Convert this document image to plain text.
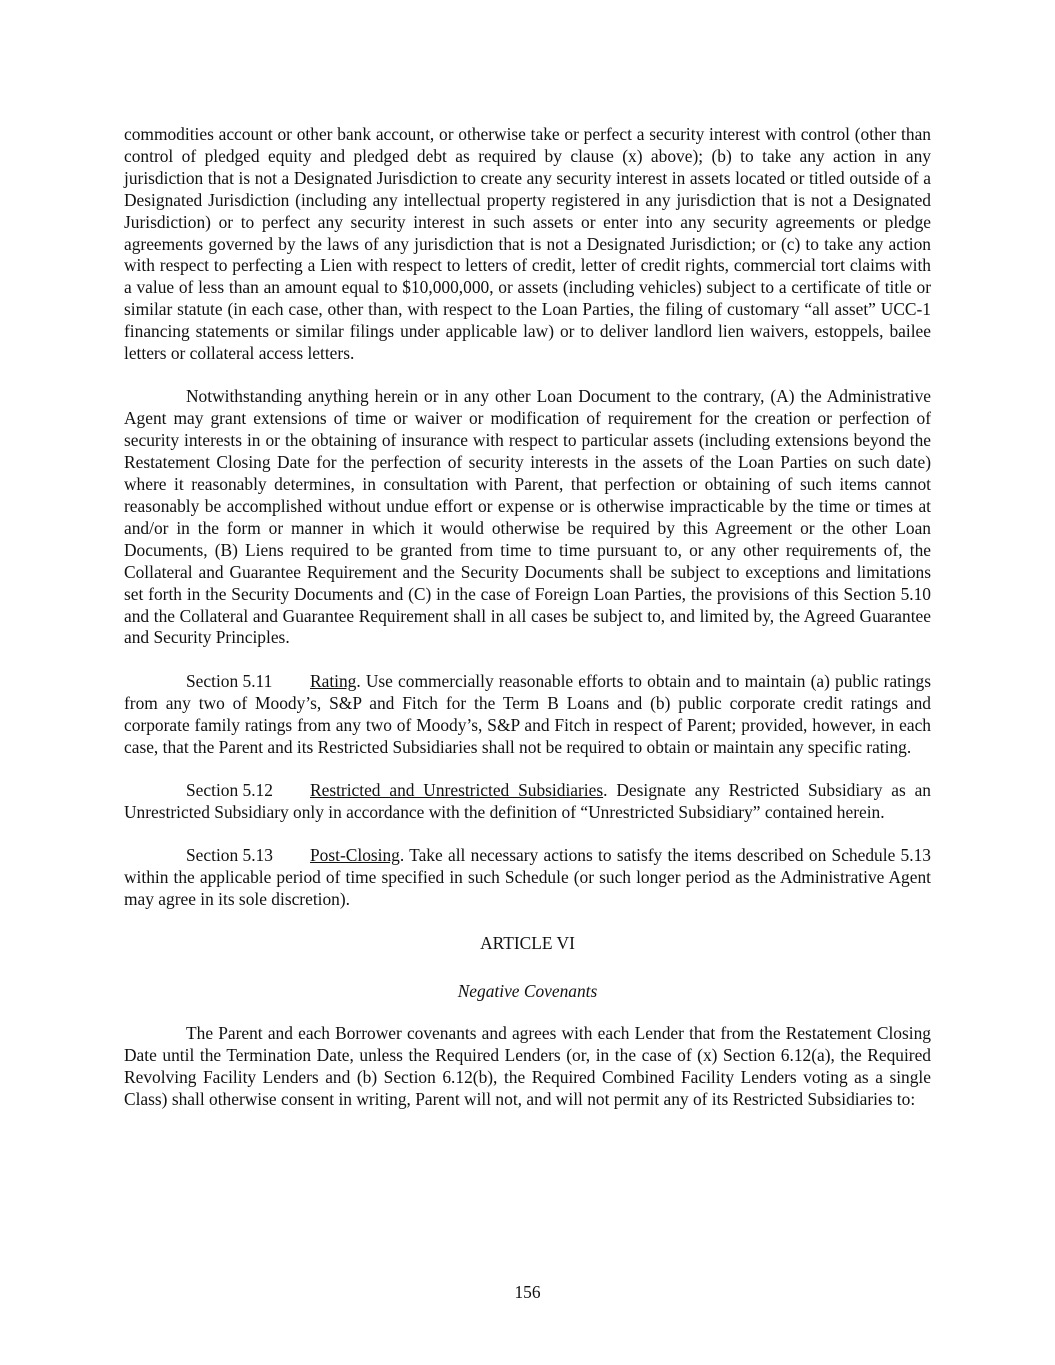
commodities account or other bank account, or otherwise take or perfect a security interest with control (other than control of pledged equity and pledged debt as required by clause (x) above); (b) to take any action in any jurisdiction that is not a Designated Jurisdiction to create any security interest in assets located or titled outside of a Designated Jurisdiction (including any intellectual property registered in any jurisdiction that is not a Designated Jurisdiction) or to perfect any security interest in such assets or enter into any security agreements or pledge agreements governed by the laws of any jurisdiction that is not a Designated Jurisdiction; or (c) to take any action with respect to perfecting a Lien with respect to letters of credit, letter of credit rights, commercial tort claims with a value of less than an amount equal to $10,000,000, or assets (including vehicles) subject to a certificate of title or similar statute (in each case, other than, with respect to the Loan Parties, the filing of customary “all asset” UCC-1 financing statements or similar filings under applicable law) or to deliver landlord lien waivers, estoppels, bailee letters or collateral access letters.

Notwithstanding anything herein or in any other Loan Document to the contrary, (A) the Administrative Agent may grant extensions of time or waiver or modification of requirement for the creation or perfection of security interests in or the obtaining of insurance with respect to particular assets (including extensions beyond the Restatement Closing Date for the perfection of security interests in the assets of the Loan Parties on such date) where it reasonably determines, in consultation with Parent, that perfection or obtaining of such items cannot reasonably be accomplished without undue effort or expense or is otherwise impracticable by the time or times at and/or in the form or manner in which it would otherwise be required by this Agreement or the other Loan Documents, (B) Liens required to be granted from time to time pursuant to, or any other requirements of, the Collateral and Guarantee Requirement and the Security Documents shall be subject to exceptions and limitations set forth in the Security Documents and (C) in the case of Foreign Loan Parties, the provisions of this Section 5.10 and the Collateral and Guarantee Requirement shall in all cases be subject to, and limited by, the Agreed Guarantee and Security Principles.

Section 5.11 Rating. Use commercially reasonable efforts to obtain and to maintain (a) public ratings from any two of Moody’s, S&P and Fitch for the Term B Loans and (b) public corporate credit ratings and corporate family ratings from any two of Moody’s, S&P and Fitch in respect of Parent; provided, however, in each case, that the Parent and its Restricted Subsidiaries shall not be required to obtain or maintain any specific rating.

Section 5.12 Restricted and Unrestricted Subsidiaries. Designate any Restricted Subsidiary as an Unrestricted Subsidiary only in accordance with the definition of “Unrestricted Subsidiary” contained herein.

Section 5.13 Post-Closing. Take all necessary actions to satisfy the items described on Schedule 5.13 within the applicable period of time specified in such Schedule (or such longer period as the Administrative Agent may agree in its sole discretion).

ARTICLE VI

Negative Covenants

The Parent and each Borrower covenants and agrees with each Lender that from the Restatement Closing Date until the Termination Date, unless the Required Lenders (or, in the case of (x) Section 6.12(a), the Required Revolving Facility Lenders and (b) Section 6.12(b), the Required Combined Facility Lenders voting as a single Class) shall otherwise consent in writing, Parent will not, and will not permit any of its Restricted Subsidiaries to:

156
